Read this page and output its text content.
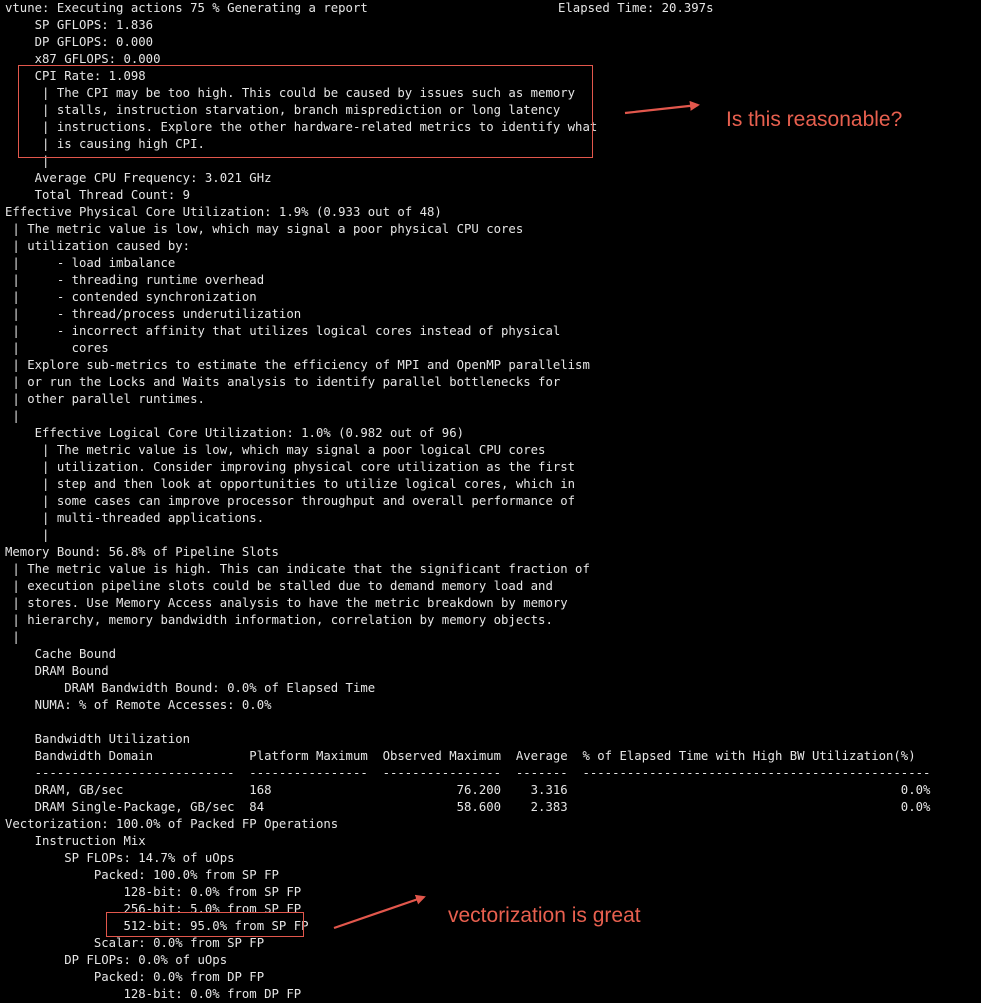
vtune: Executing actions 75 % Generating a report	Elapsed Time: 20.397s
SP GFLOPS: 1.836
DP GFLOPS: 0.000
x87 GFLOPS: 0.000
CPI Rate: 1.098
| The CPI may be too high. This could be caused by issues such as memory
| stalls, instruction starvation, branch misprediction or long latency
| instructions. Explore the other hardware-related metrics to identify what
| is causing high CPI.
|
Average CPU Frequency: 3.021 GHz
Total Thread Count: 9
Effective Physical Core Utilization: 1.9% (0.933 out of 48)
| The metric value is low, which may signal a poor physical CPU cores
| utilization caused by:
|     - load imbalance
|     - threading runtime overhead
|     - contended synchronization
|     - thread/process underutilization
|     - incorrect affinity that utilizes logical cores instead of physical
|       cores
| Explore sub-metrics to estimate the efficiency of MPI and OpenMP parallelism
| or run the Locks and Waits analysis to identify parallel bottlenecks for
| other parallel runtimes.
|
Effective Logical Core Utilization: 1.0% (0.982 out of 96)
| The metric value is low, which may signal a poor logical CPU cores
| utilization. Consider improving physical core utilization as the first
| step and then look at opportunities to utilize logical cores, which in
| some cases can improve processor throughput and overall performance of
| multi-threaded applications.
|
Memory Bound: 56.8% of Pipeline Slots
| The metric value is high. This can indicate that the significant fraction of
| execution pipeline slots could be stalled due to demand memory load and
| stores. Use Memory Access analysis to have the metric breakdown by memory
| hierarchy, memory bandwidth information, correlation by memory objects.
|
Cache Bound
DRAM Bound
DRAM Bandwidth Bound: 0.0% of Elapsed Time
NUMA: % of Remote Accesses: 0.0%
Bandwidth Utilization
Bandwidth Domain             Platform Maximum  Observed Maximum  Average  % of Elapsed Time with High BW Utilization(%)
---------------------------  ----------------  ----------------  -------  -----------------------------------------------
DRAM, GB/sec                 168                         76.200    3.316                                             0.0%
DRAM Single-Package, GB/sec  84                          58.600    2.383                                             0.0%
Vectorization: 100.0% of Packed FP Operations
Instruction Mix
SP FLOPs: 14.7% of uOps
Packed: 100.0% from SP FP
128-bit: 0.0% from SP FP
256-bit: 5.0% from SP FP
512-bit: 95.0% from SP FP
Scalar: 0.0% from SP FP
DP FLOPs: 0.0% of uOps
Packed: 0.0% from DP FP
128-bit: 0.0% from DP FP
Is this reasonable?
vectorization is great
